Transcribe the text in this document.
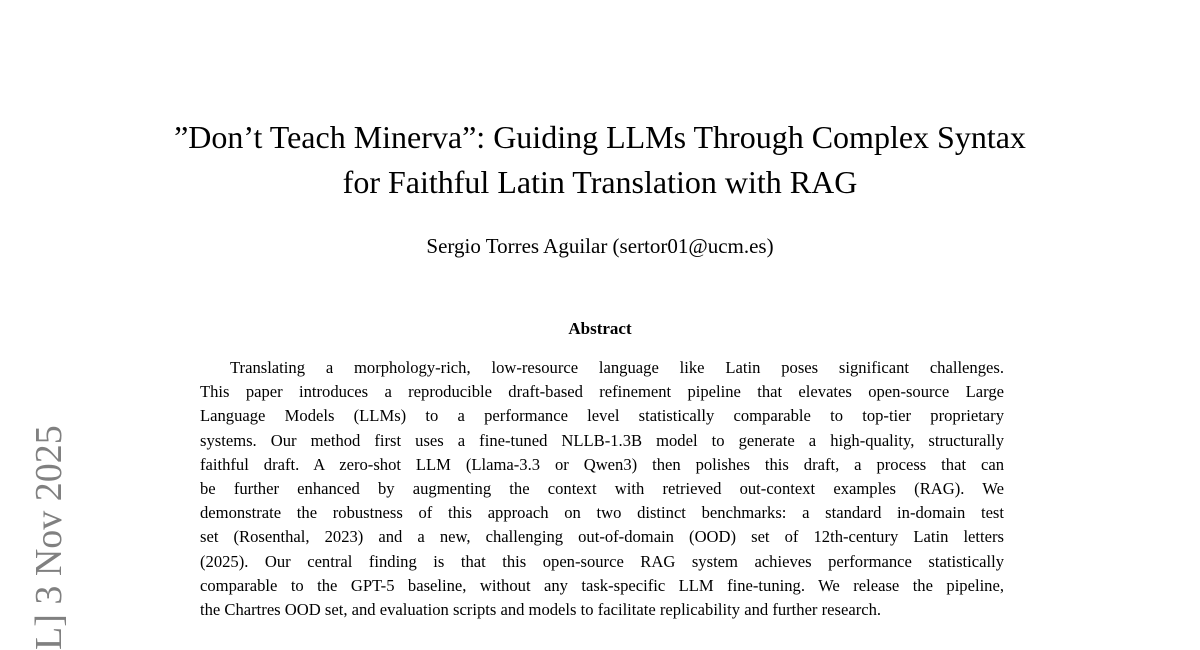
”Don’t Teach Minerva”: Guiding LLMs Through Complex Syntax
for Faithful Latin Translation with RAG
Sergio Torres Aguilar (sertor01@ucm.es)
Abstract
Translating a morphology-rich, low-resource language like Latin poses significant challenges.
This paper introduces a reproducible draft-based refinement pipeline that elevates open-source Large
Language Models (LLMs) to a performance level statistically comparable to top-tier proprietary
systems. Our method first uses a fine-tuned NLLB-1.3B model to generate a high-quality, structurally
faithful draft. A zero-shot LLM (Llama-3.3 or Qwen3) then polishes this draft, a process that can
be further enhanced by augmenting the context with retrieved out-context examples (RAG). We
demonstrate the robustness of this approach on two distinct benchmarks: a standard in-domain test
set (Rosenthal, 2023) and a new, challenging out-of-domain (OOD) set of 12th-century Latin letters
(2025). Our central finding is that this open-source RAG system achieves performance statistically
comparable to the GPT-5 baseline, without any task-specific LLM fine-tuning. We release the pipeline,
the Chartres OOD set, and evaluation scripts and models to facilitate replicability and further research.
L] 3 Nov 2025
